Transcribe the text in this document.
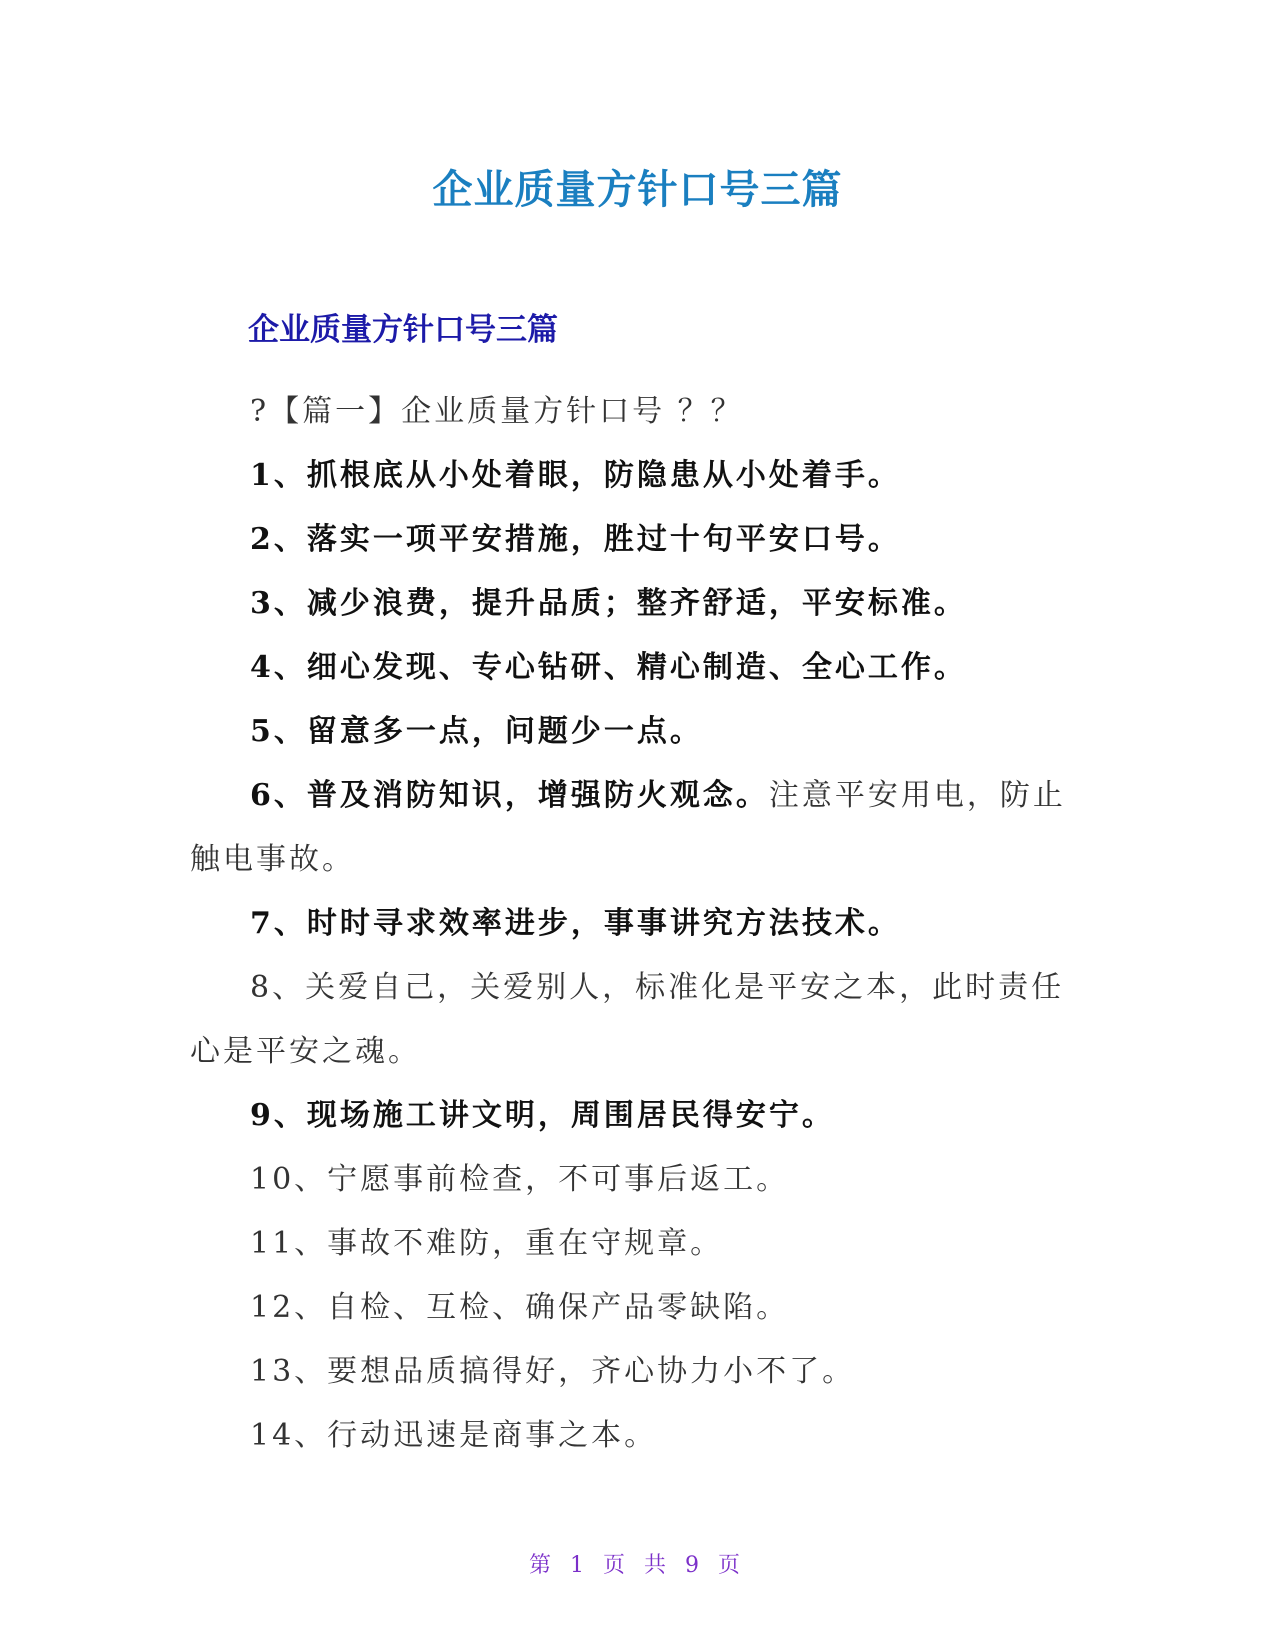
企业质量方针口号三篇
企业质量方针口号三篇

?【篇一】企业质量方针口号 ？？

1、抓根底从小处着眼，防隐患从小处着手。

2、落实一项平安措施，胜过十句平安口号。

3、减少浪费，提升品质；整齐舒适，平安标准。

4、细心发现、专心钻研、精心制造、全心工作。

5、留意多一点，问题少一点。

6、普及消防知识，增强防火观念。注意平安用电，防止触电事故。

7、时时寻求效率进步，事事讲究方法技术。

8、关爱自己，关爱别人，标准化是平安之本，此时责任心是平安之魂。

9、现场施工讲文明，周围居民得安宁。

10、宁愿事前检查，不可事后返工。

11、事故不难防，重在守规章。

12、自检、互检、确保产品零缺陷。

13、要想品质搞得好，齐心协力小不了。

14、行动迅速是商事之本。

第 1 页 共 9 页
